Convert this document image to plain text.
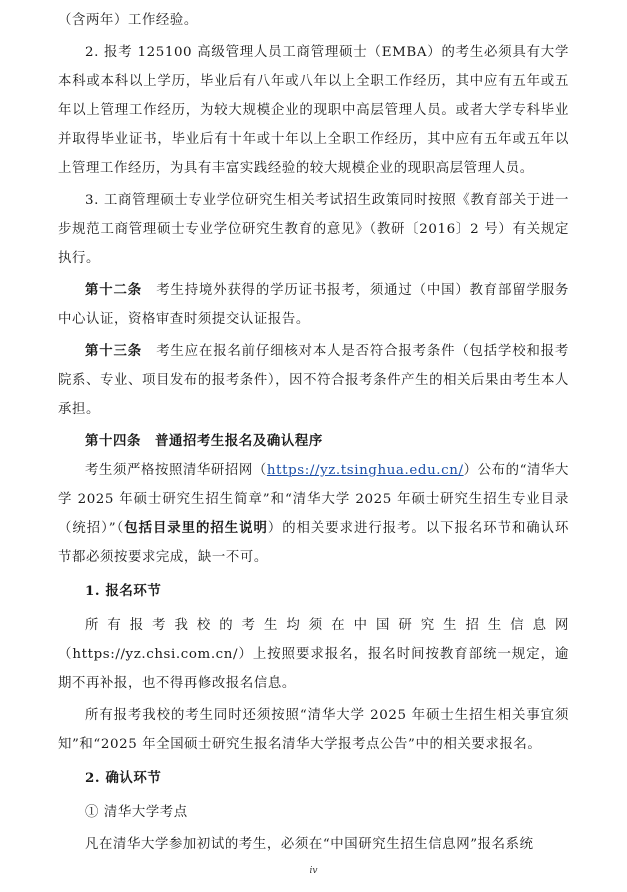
（含两年）工作经验。

2. 报考 125100 高级管理人员工商管理硕士（EMBA）的考生必须具有大学本科或本科以上学历，毕业后有八年或八年以上全职工作经历，其中应有五年或五年以上管理工作经历，为较大规模企业的现职中高层管理人员。或者大学专科毕业并取得毕业证书，毕业后有十年或十年以上全职工作经历，其中应有五年或五年以上管理工作经历，为具有丰富实践经验的较大规模企业的现职高层管理人员。

3. 工商管理硕士专业学位研究生相关考试招生政策同时按照《教育部关于进一步规范工商管理硕士专业学位研究生教育的意见》（教研〔2016〕2 号）有关规定执行。

第十二条　考生持境外获得的学历证书报考，须通过（中国）教育部留学服务中心认证，资格审查时须提交认证报告。

第十三条　考生应在报名前仔细核对本人是否符合报考条件（包括学校和报考院系、专业、项目发布的报考条件），因不符合报考条件产生的相关后果由考生本人承担。

第十四条 普通招考生报名及确认程序

考生须严格按照清华研招网（https://yz.tsinghua.edu.cn/）公布的“清华大学 2025 年硕士研究生招生简章”和“清华大学 2025 年硕士研究生招生专业目录（统招）”（包括目录里的招生说明）的相关要求进行报考。以下报名环节和确认环节都必须按要求完成，缺一不可。

1. 报名环节

所有报考我校的考生均须在中国研究生招生信息网

（https://yz.chsi.com.cn/）上按照要求报名，报名时间按教育部统一规定，逾期不再补报，也不得再修改报名信息。

所有报考我校的考生同时还须按照“清华大学 2025 年硕士生招生相关事宜须知”和“2025 年全国硕士研究生报名清华大学报考点公告”中的相关要求报名。

2. 确认环节

① 清华大学考点

凡在清华大学参加初试的考生，必须在“中国研究生招生信息网”报名系统

iv
